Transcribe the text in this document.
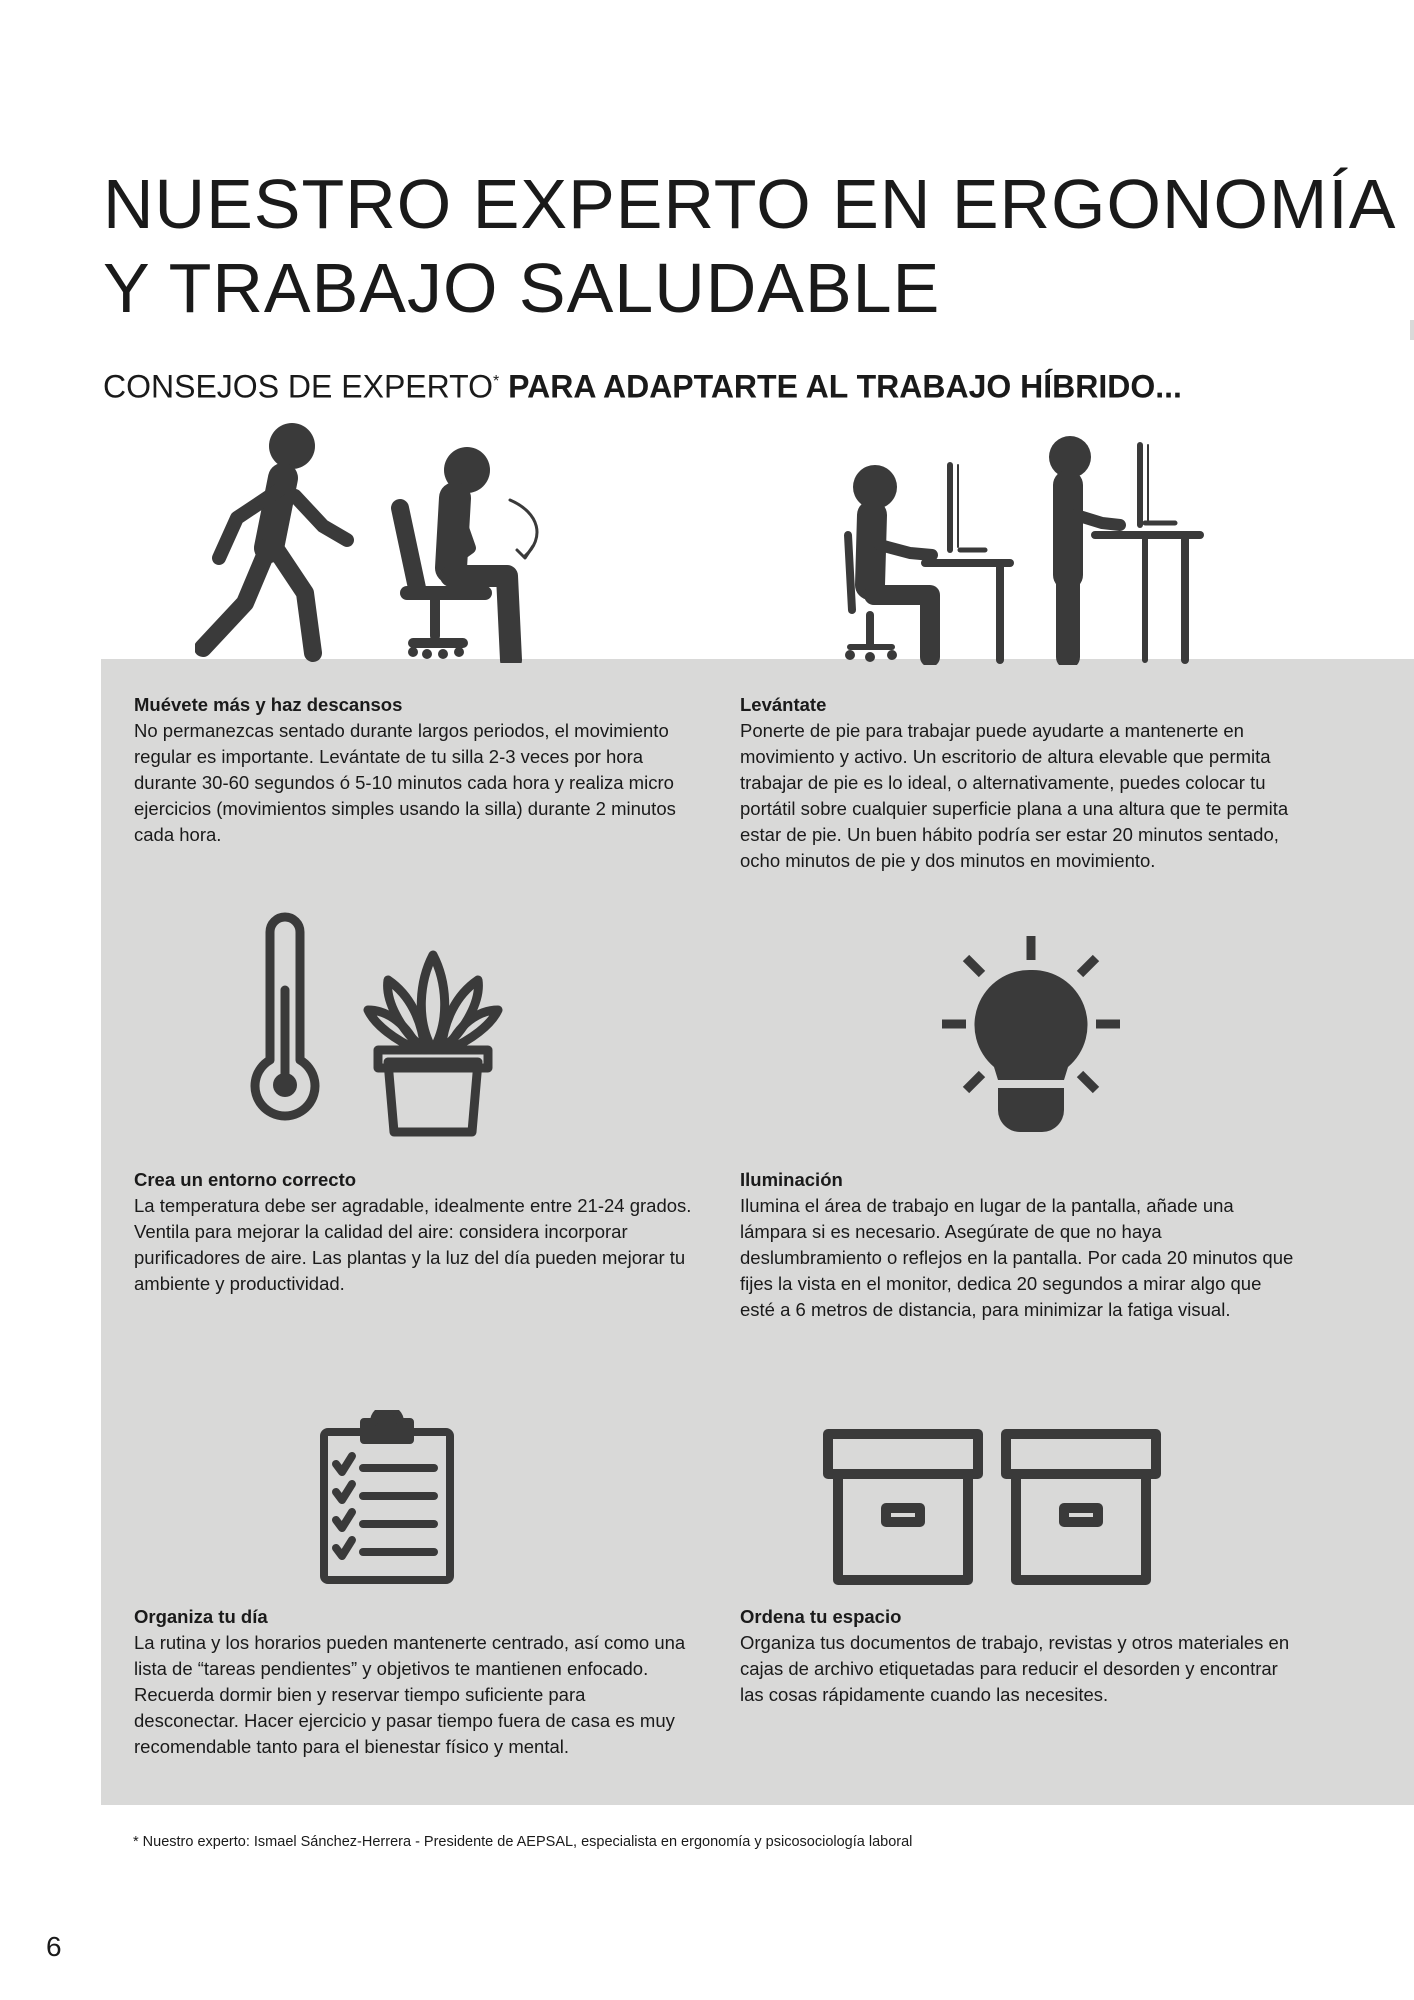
NUESTRO EXPERTO EN ERGONOMÍA
Y TRABAJO SALUDABLE
CONSEJOS DE EXPERTO* PARA ADAPTARTE AL TRABAJO HÍBRIDO...
Muévete más y haz descansos

No permanezcas sentado durante largos periodos, el movimiento regular es importante. Levántate de tu silla 2-3 veces por hora durante 30-60 segundos ó 5-10 minutos cada hora y realiza micro ejercicios (movimientos simples usando la silla) durante 2 minutos cada hora.

Levántate

Ponerte de pie para trabajar puede ayudarte a mantenerte en movimiento y activo. Un escritorio de altura elevable que permita trabajar de pie es lo ideal, o alternativamente, puedes colocar tu portátil sobre cualquier superficie plana a una altura que te permita estar de pie. Un buen hábito podría ser estar 20 minutos sentado, ocho minutos de pie y dos minutos en movimiento.

Crea un entorno correcto

La temperatura debe ser agradable, idealmente entre 21-24 grados. Ventila para mejorar la calidad del aire: considera incorporar purificadores de aire. Las plantas y la luz del día pueden mejorar tu ambiente y productividad.

Iluminación

Ilumina el área de trabajo en lugar de la pantalla, añade una lámpara si es necesario. Asegúrate de que no haya deslumbramiento o reflejos en la pantalla. Por cada 20 minutos que fijes la vista en el monitor, dedica 20 segundos a mirar algo que esté a 6 metros de distancia, para minimizar la fatiga visual.

Organiza tu día

La rutina y los horarios pueden mantenerte centrado, así como una lista de “tareas pendientes” y objetivos te mantienen enfocado. Recuerda dormir bien y reservar tiempo suficiente para desconectar. Hacer ejercicio y pasar tiempo fuera de casa es muy recomendable tanto para el bienestar físico y mental.

Ordena tu espacio

Organiza tus documentos de trabajo, revistas y otros materiales en cajas de archivo etiquetadas para reducir el desorden y encontrar las cosas rápidamente cuando las necesites.

* Nuestro experto: Ismael Sánchez-Herrera - Presidente de AEPSAL, especialista en ergonomía y psicosociología laboral
6
